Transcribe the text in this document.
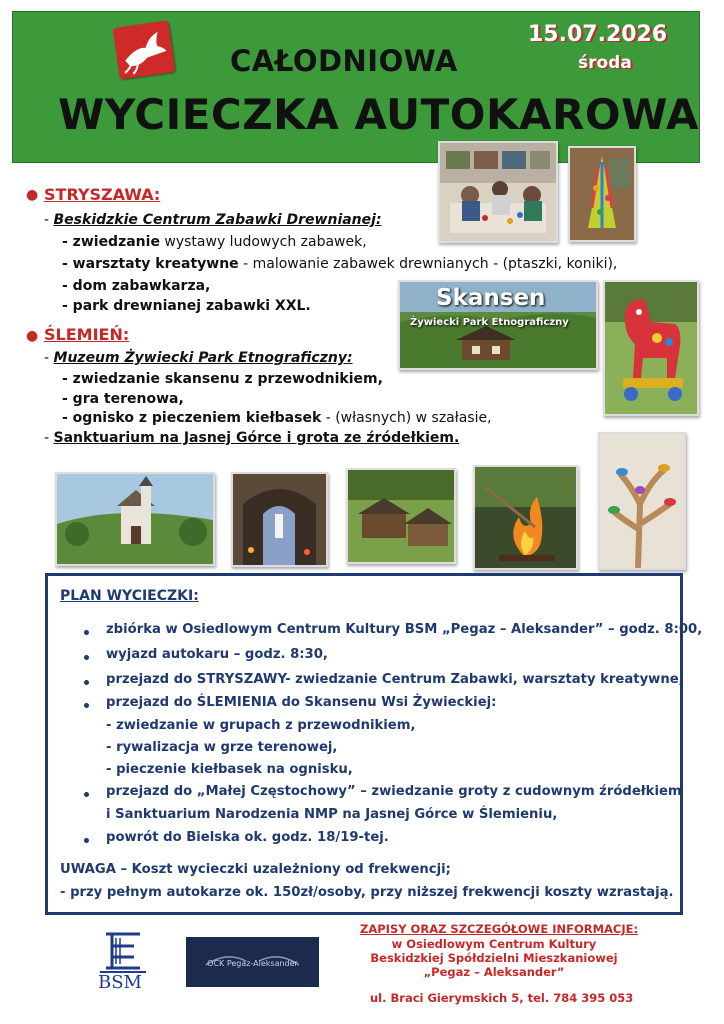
CAŁODNIOWA
WYCIECZKA AUTOKAROWA
15.07.2026
środa
● STRYSZAWA:
- Beskidzkie Centrum Zabawki Drewnianej:
- zwiedzanie wystawy ludowych zabawek,
- warsztaty kreatywne - malowanie zabawek drewnianych - (ptaszki, koniki),
- dom zabawkarza,
- park drewnianej zabawki XXL.
● ŚLEMIEŃ:
- Muzeum Żywiecki Park Etnograficzny:
- zwiedzanie skansenu z przewodnikiem,
- gra terenowa,
- ognisko z pieczeniem kiełbasek - (własnych) w szałasie,
- Sanktuarium na Jasnej Górce i grota ze źródełkiem.
Skansen
Żywiecki Park Etnograficzny
PLAN WYCIECZKI:
zbiórka w Osiedlowym Centrum Kultury BSM „Pegaz – Aleksander” – godz. 8:00,
wyjazd autokaru – godz. 8:30,
przejazd do STRYSZAWY- zwiedzanie Centrum Zabawki, warsztaty kreatywne,
przejazd do ŚLEMIENIA do Skansenu Wsi Żywieckiej:
- zwiedzanie w grupach z przewodnikiem,
- rywalizacja w grze terenowej,
- pieczenie kiełbasek na ognisku,
przejazd do „Małej Częstochowy” – zwiedzanie groty z cudownym źródełkiem
i Sanktuarium Narodzenia NMP na Jasnej Górce w Ślemieniu,
powrót do Bielska ok. godz. 18/19-tej.
UWAGA – Koszt wycieczki uzależniony od frekwencji;
- przy pełnym autokarze ok. 150zł/osoby, przy niższej frekwencji koszty wzrastają.
BSM
OCK Pegaz-Aleksander
ZAPISY ORAZ SZCZEGÓŁOWE INFORMACJE:
w Osiedlowym Centrum Kultury
Beskidzkiej Spółdzielni Mieszkaniowej
„Pegaz – Aleksander”
ul. Braci Gierymskich 5, tel. 784 395 053
